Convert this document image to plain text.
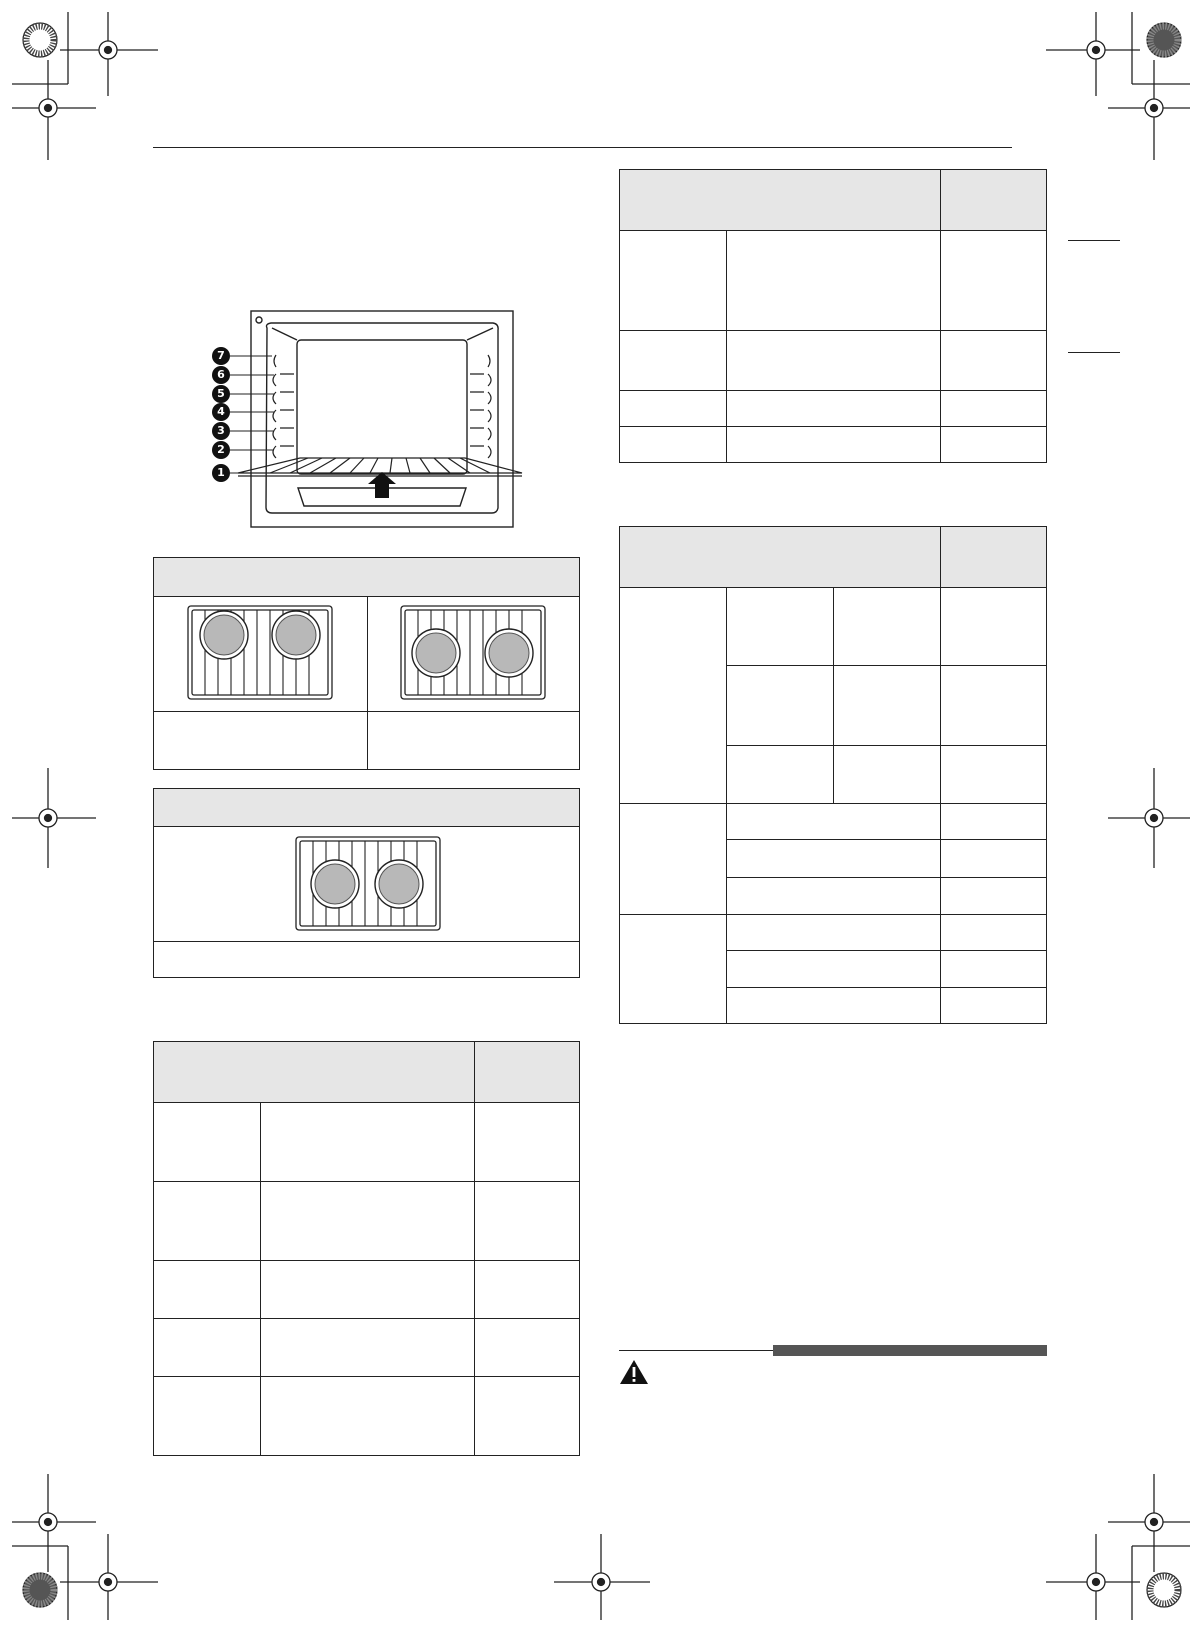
7
6
5
4
3
2
1
